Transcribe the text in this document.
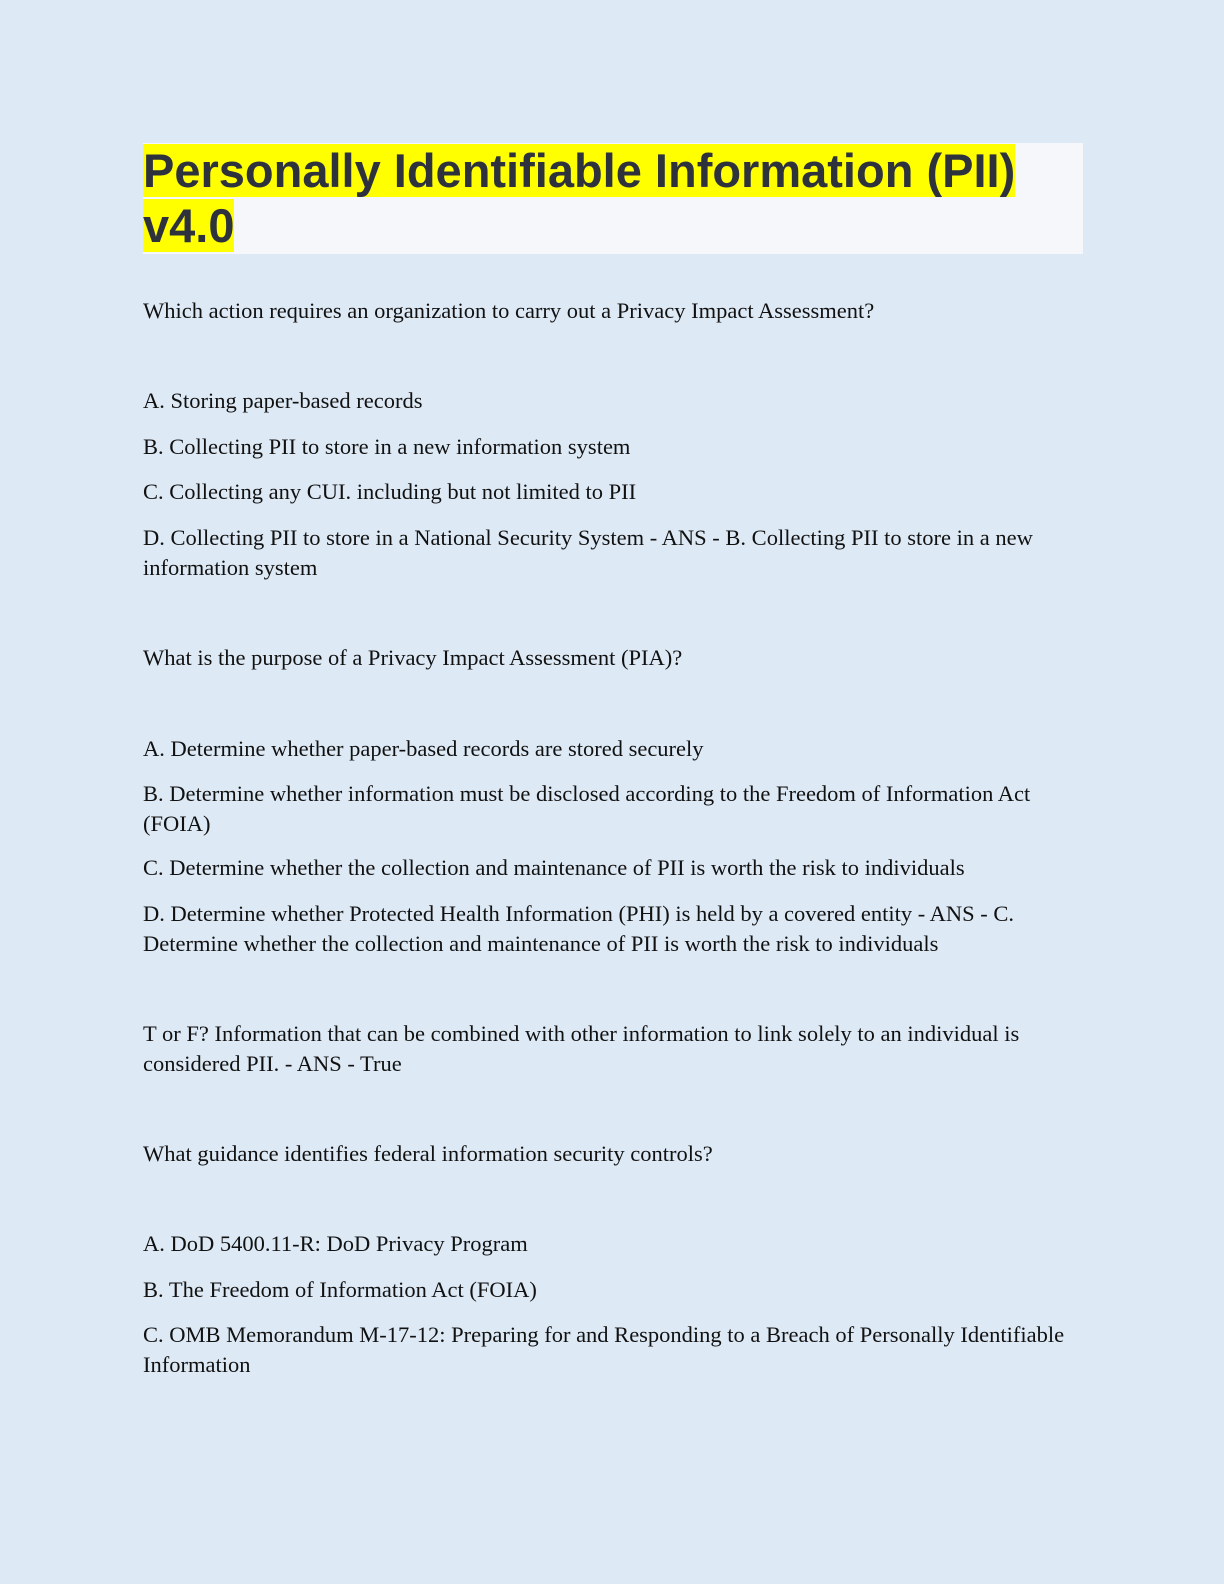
Personally Identifiable Information (PII) v4.0

Which action requires an organization to carry out a Privacy Impact Assessment?

A. Storing paper-based records

B. Collecting PII to store in a new information system

C. Collecting any CUI. including but not limited to PII

D. Collecting PII to store in a National Security System - ANS - B. Collecting PII to store in a new information system

What is the purpose of a Privacy Impact Assessment (PIA)?

A. Determine whether paper-based records are stored securely

B. Determine whether information must be disclosed according to the Freedom of Information Act (FOIA)

C. Determine whether the collection and maintenance of PII is worth the risk to individuals

D. Determine whether Protected Health Information (PHI) is held by a covered entity - ANS - C. Determine whether the collection and maintenance of PII is worth the risk to individuals

T or F? Information that can be combined with other information to link solely to an individual is considered PII. - ANS - True

What guidance identifies federal information security controls?

A. DoD 5400.11-R: DoD Privacy Program

B. The Freedom of Information Act (FOIA)

C. OMB Memorandum M-17-12: Preparing for and Responding to a Breach of Personally Identifiable Information
